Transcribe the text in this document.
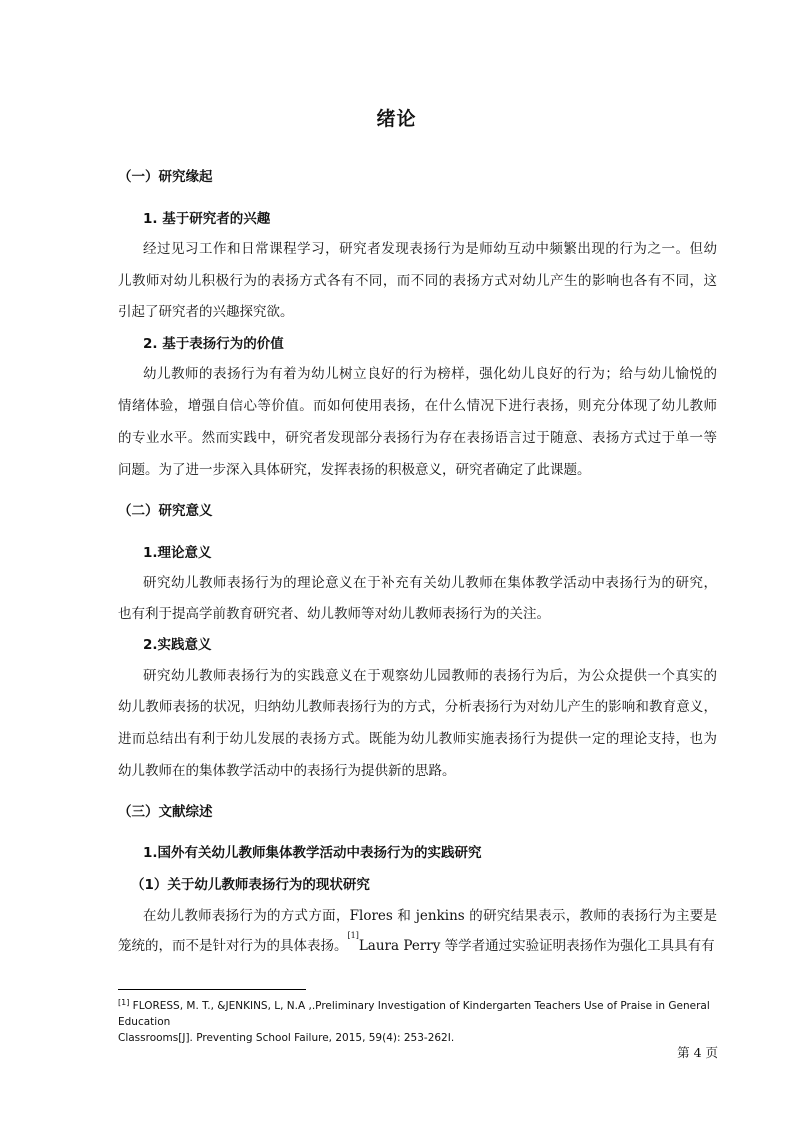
绪论
（一）研究缘起
1. 基于研究者的兴趣
经过见习工作和日常课程学习，研究者发现表扬行为是师幼互动中频繁出现的行为之一。但幼
儿教师对幼儿积极行为的表扬方式各有不同，而不同的表扬方式对幼儿产生的影响也各有不同，这
引起了研究者的兴趣探究欲。
2. 基于表扬行为的价值
幼儿教师的表扬行为有着为幼儿树立良好的行为榜样，强化幼儿良好的行为；给与幼儿愉悦的
情绪体验，增强自信心等价值。而如何使用表扬，在什么情况下进行表扬，则充分体现了幼儿教师
的专业水平。然而实践中，研究者发现部分表扬行为存在表扬语言过于随意、表扬方式过于单一等
问题。为了进一步深入具体研究，发挥表扬的积极意义，研究者确定了此课题。
（二）研究意义
1.理论意义
研究幼儿教师表扬行为的理论意义在于补充有关幼儿教师在集体教学活动中表扬行为的研究，
也有利于提高学前教育研究者、幼儿教师等对幼儿教师表扬行为的关注。
2.实践意义
研究幼儿教师表扬行为的实践意义在于观察幼儿园教师的表扬行为后，为公众提供一个真实的
幼儿教师表扬的状况，归纳幼儿教师表扬行为的方式，分析表扬行为对幼儿产生的影响和教育意义，
进而总结出有利于幼儿发展的表扬方式。既能为幼儿教师实施表扬行为提供一定的理论支持，也为
幼儿教师在的集体教学活动中的表扬行为提供新的思路。
（三）文献综述
1.国外有关幼儿教师集体教学活动中表扬行为的实践研究
（1）关于幼儿教师表扬行为的现状研究
在幼儿教师表扬行为的方式方面，Flores 和 jenkins 的研究结果表示，教师的表扬行为主要是
笼统的，而不是针对行为的具体表扬。[1]Laura Perry 等学者通过实验证明表扬作为强化工具具有有
[1] FLORESS, M. T., &JENKINS, L, N.A ,.Preliminary Investigation of Kindergarten Teachers Use of Praise in General Education
Classrooms[J]. Preventing School Failure, 2015, 59(4): 253-262I.
第 4 页
